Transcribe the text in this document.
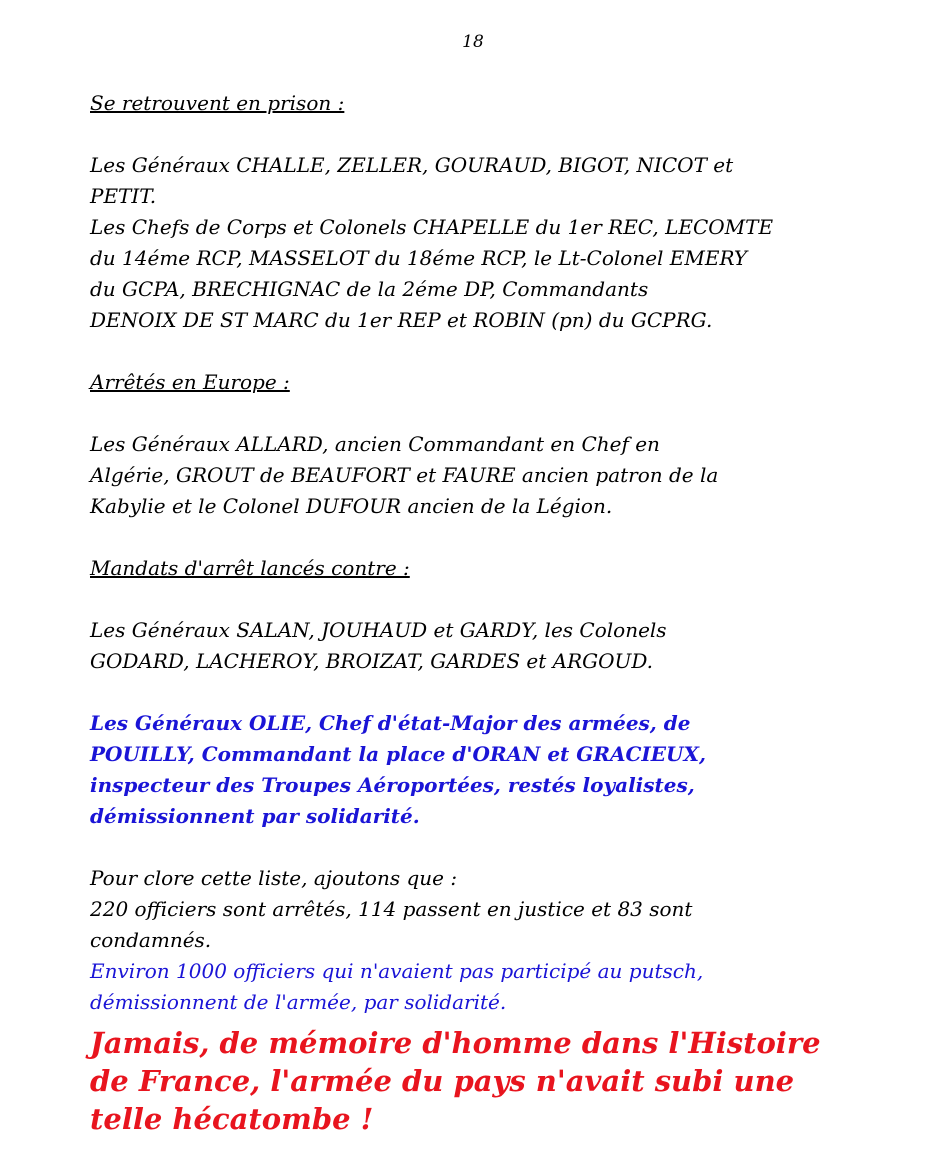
18

Se retrouvent en prison :

Les Généraux CHALLE, ZELLER, GOURAUD, BIGOT, NICOT et

PETIT.

Les Chefs de Corps et Colonels CHAPELLE du 1er REC, LECOMTE

du 14éme RCP, MASSELOT du 18éme RCP, le Lt-Colonel EMERY

du GCPA, BRECHIGNAC de la 2éme DP, Commandants

DENOIX DE ST MARC du 1er REP et ROBIN (pn) du GCPRG.

Arrêtés en Europe :

Les Généraux ALLARD, ancien Commandant en Chef en

Algérie, GROUT de BEAUFORT et FAURE ancien patron de la

Kabylie et le Colonel DUFOUR ancien de la Légion.

Mandats d'arrêt lancés contre :

Les Généraux SALAN, JOUHAUD et GARDY, les Colonels

GODARD, LACHEROY, BROIZAT, GARDES et ARGOUD.

Les Généraux OLIE, Chef d'état-Major des armées, de

POUILLY, Commandant la place d'ORAN et GRACIEUX,

inspecteur des Troupes Aéroportées, restés loyalistes,

démissionnent par solidarité.

Pour clore cette liste, ajoutons que :

220 officiers sont arrêtés, 114 passent en justice et 83 sont

condamnés.

Environ 1000 officiers qui n'avaient pas participé au putsch,

démissionnent de l'armée, par solidarité.

Jamais, de mémoire d'homme dans l'Histoire
de France, l'armée du pays n'avait subi une
telle hécatombe !
